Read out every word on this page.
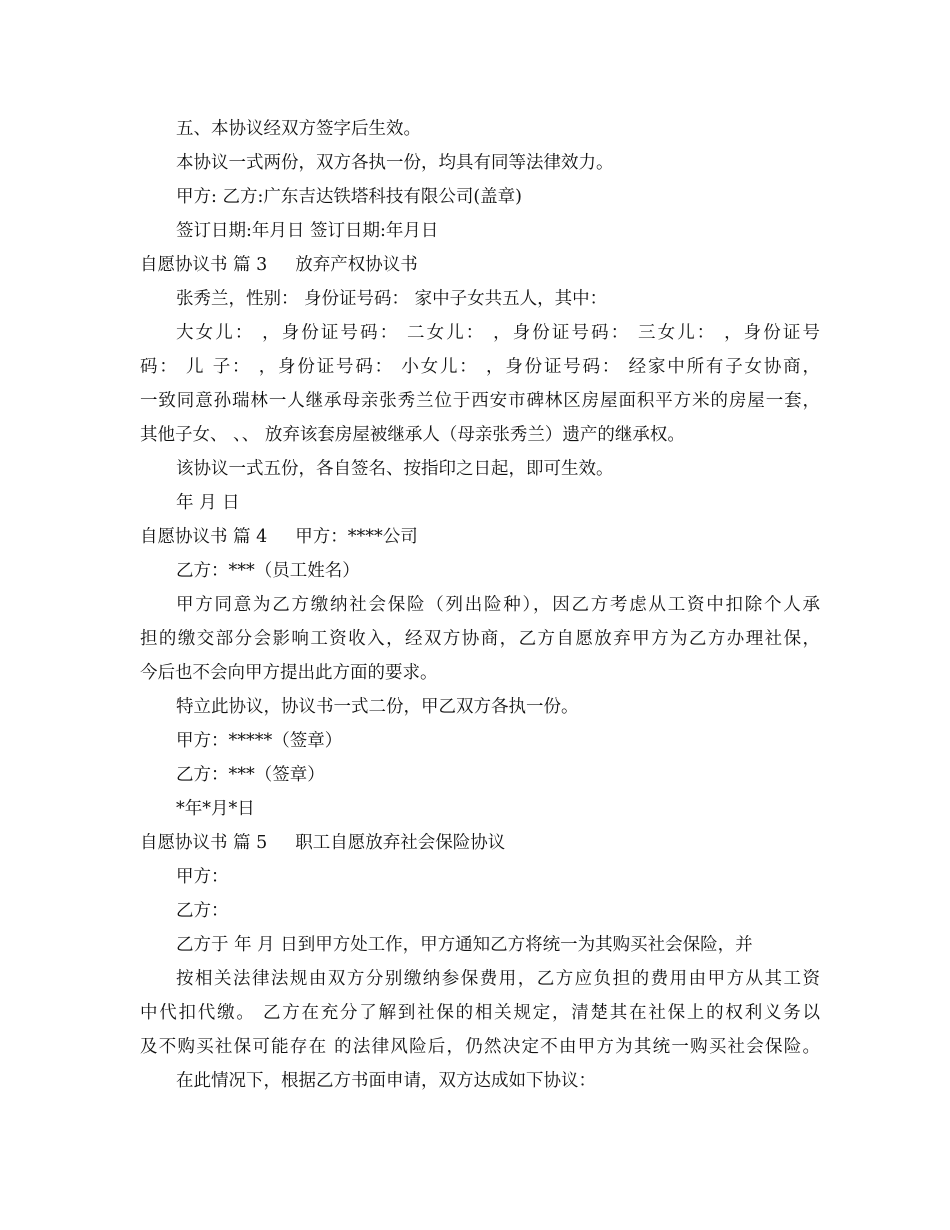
五、本协议经双方签字后生效。
本协议一式两份，双方各执一份，均具有同等法律效力。
甲方: 乙方:广东吉达铁塔科技有限公司(盖章)
签订日期:年月日 签订日期:年月日
自愿协议书 篇 3 放弃产权协议书
张秀兰，性别： 身份证号码： 家中子女共五人，其中：
大女儿： ，身份证号码： 二女儿： ，身份证号码： 三女儿： ，身份证号
码： 儿 子： ，身份证号码： 小女儿： ，身份证号码： 经家中所有子女协商，
一致同意孙瑞林一人继承母亲张秀兰位于西安市碑林区房屋面积平方米的房屋一套，
其他子女、 、、 放弃该套房屋被继承人（母亲张秀兰）遗产的继承权。
该协议一式五份，各自签名、按指印之日起，即可生效。
年 月 日
自愿协议书 篇 4 甲方：****公司
乙方：***（员工姓名）
甲方同意为乙方缴纳社会保险（列出险种），因乙方考虑从工资中扣除个人承
担的缴交部分会影响工资收入，经双方协商，乙方自愿放弃甲方为乙方办理社保，
今后也不会向甲方提出此方面的要求。
特立此协议，协议书一式二份，甲乙双方各执一份。
甲方：*****（签章）
乙方：***（签章）
*年*月*日
自愿协议书 篇 5 职工自愿放弃社会保险协议
甲方：
乙方：
乙方于 年 月 日到甲方处工作，甲方通知乙方将统一为其购买社会保险，并
按相关法律法规由双方分别缴纳参保费用，乙方应负担的费用由甲方从其工资
中代扣代缴。 乙方在充分了解到社保的相关规定，清楚其在社保上的权利义务以
及不购买社保可能存在 的法律风险后，仍然决定不由甲方为其统一购买社会保险。
在此情况下，根据乙方书面申请，双方达成如下协议：
